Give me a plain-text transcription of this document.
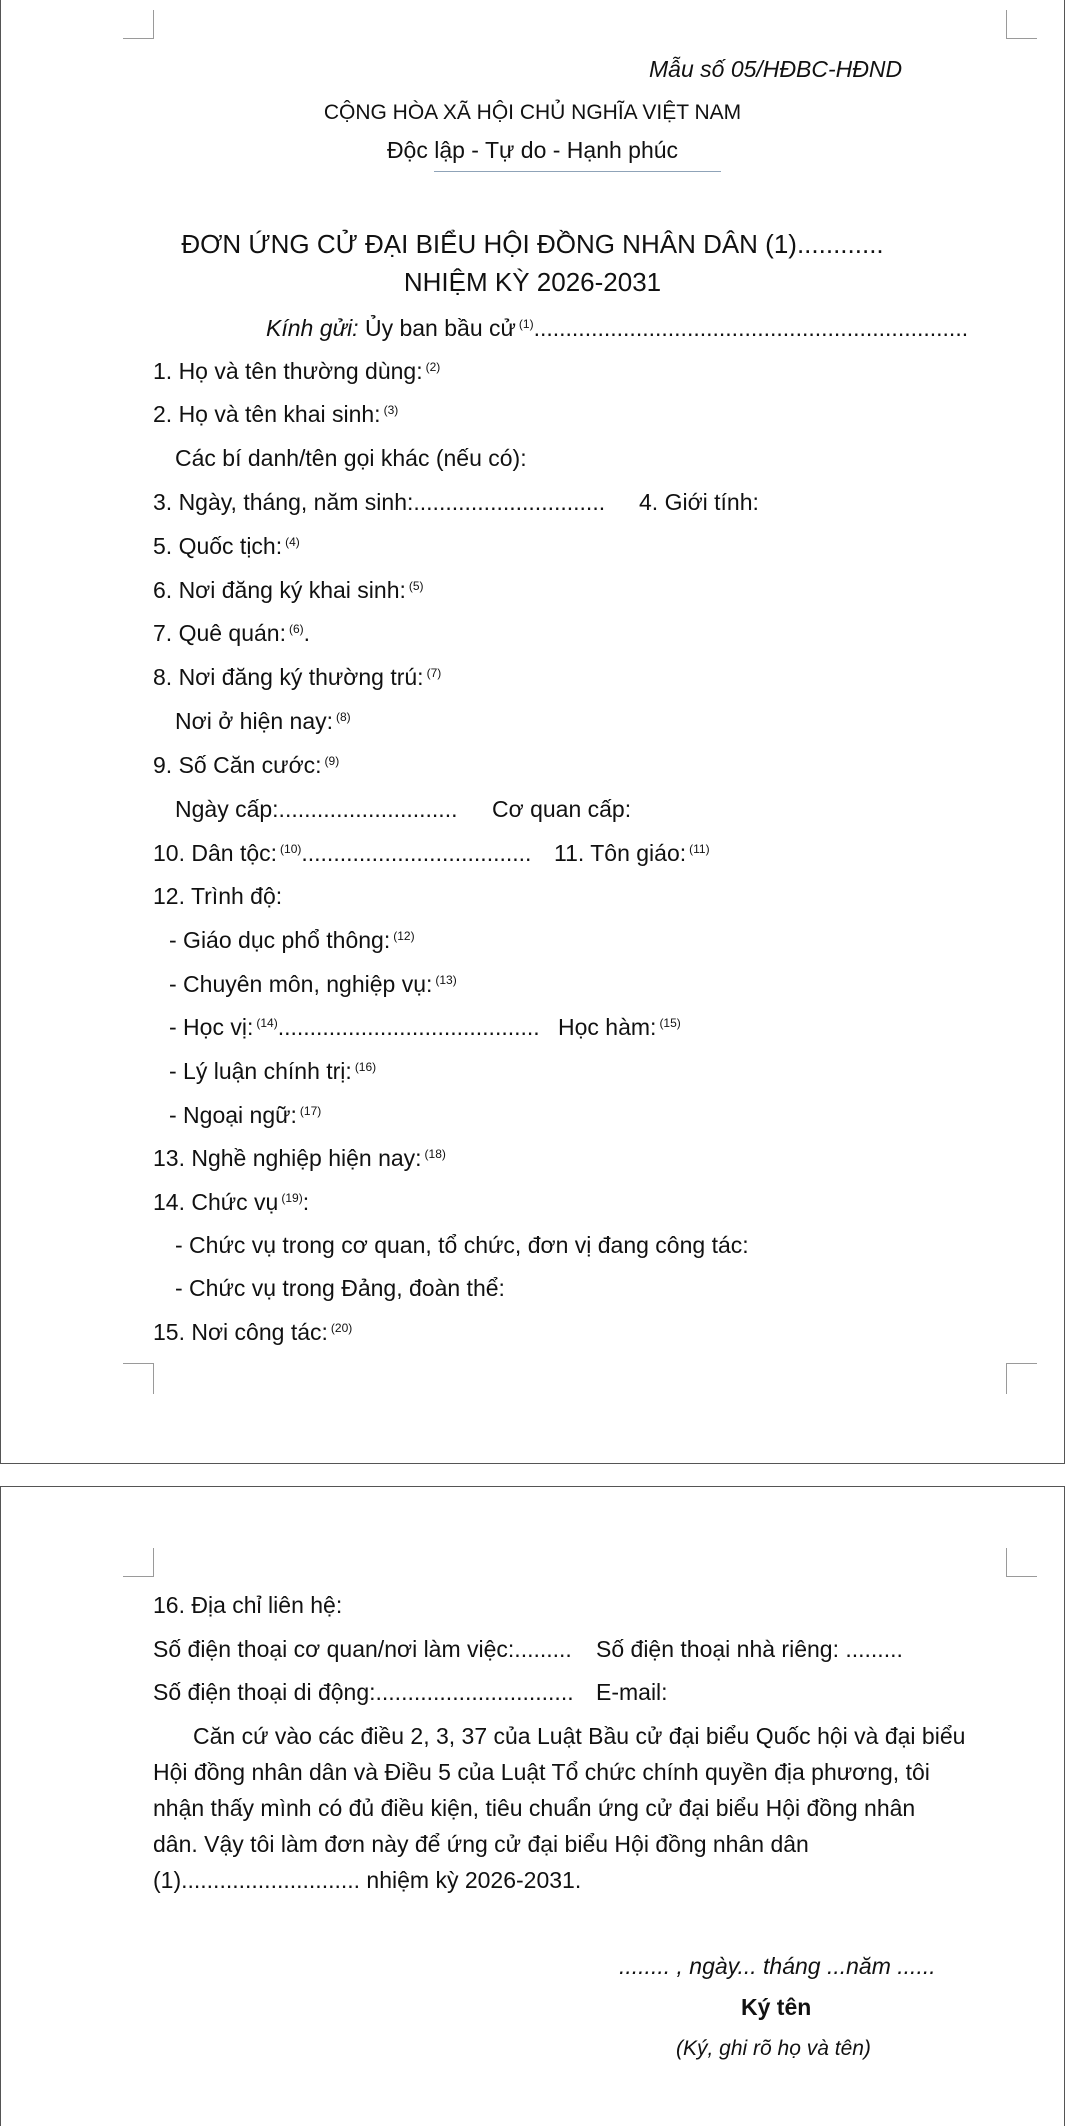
Mẫu số 05/HĐBC-HĐND
CỘNG HÒA XÃ HỘI CHỦ NGHĨA VIỆT NAM
Độc lập - Tự do - Hạnh phúc
ĐƠN ỨNG CỬ ĐẠI BIỂU HỘI ĐỒNG NHÂN DÂN (1)............
NHIỆM KỲ 2026-2031
Kính gửi: Ủy ban bầu cử $^{(1)}$....................................................................
1. Họ và tên thường dùng: $^{(2)}$
2. Họ và tên khai sinh: $^{(3)}$
Các bí danh/tên gọi khác (nếu có):
3. Ngày, tháng, năm sinh:.............................. 4. Giới tính:
5. Quốc tịch: $^{(4)}$
6. Nơi đăng ký khai sinh: $^{(5)}$
7. Quê quán: $^{(6)}$.
8. Nơi đăng ký thường trú: $^{(7)}$
Nơi ở hiện nay: $^{(8)}$
9. Số Căn cước: $^{(9)}$
Ngày cấp:............................ Cơ quan cấp:
10. Dân tộc: $^{(10)}$.................................... 11. Tôn giáo: $^{(11)}$
12. Trình độ:
- Giáo dục phổ thông: $^{(12)}$
- Chuyên môn, nghiệp vụ: $^{(13)}$
- Học vị: $^{(14)}$......................................... Học hàm: $^{(15)}$
- Lý luận chính trị: $^{(16)}$
- Ngoại ngữ: $^{(17)}$
13. Nghề nghiệp hiện nay: $^{(18)}$
14. Chức vụ $^{(19)}$:
- Chức vụ trong cơ quan, tổ chức, đơn vị đang công tác:
- Chức vụ trong Đảng, đoàn thể:
15. Nơi công tác: $^{(20)}$
16. Địa chỉ liên hệ:
Số điện thoại cơ quan/nơi làm việc:......... Số điện thoại nhà riêng: .........
Số điện thoại di động:............................... E-mail:
Căn cứ vào các điều 2, 3, 37 của Luật Bầu cử đại biểu Quốc hội và đại biểu
Hội đồng nhân dân và Điều 5 của Luật Tổ chức chính quyền địa phương, tôi
nhận thấy mình có đủ điều kiện, tiêu chuẩn ứng cử đại biểu Hội đồng nhân
dân. Vậy tôi làm đơn này để ứng cử đại biểu Hội đồng nhân dân
(1)............................ nhiệm kỳ 2026-2031.
........ , ngày... tháng ...năm ......
Ký tên
(Ký, ghi rõ họ và tên)
